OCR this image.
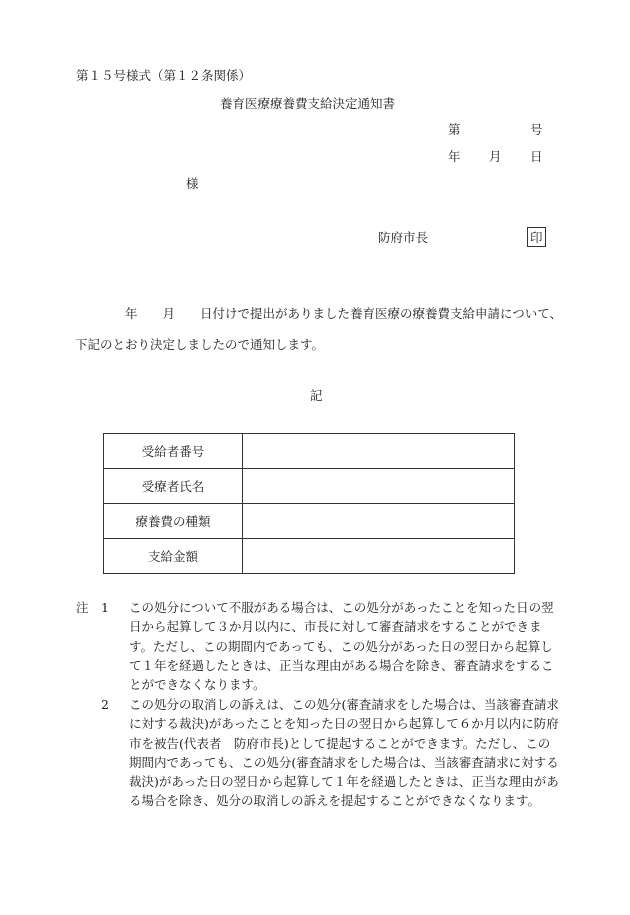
第１５号様式（第１２条関係）
養育医療療養費支給決定通知書
第	号
年 月 日
様
防府市長	印
　　　　年　　月　　日付けで提出がありました養育医療の療養費支給申請について、下記のとおり決定しましたので通知します。
記
受給者番号	
受療者氏名	
療養費の種類	
支給金額	
注 1 この処分について不服がある場合は、この処分があったことを知った日の翌日から起算して３か月以内に、市長に対して審査請求をすることができます。ただし、この期間内であっても、この処分があった日の翌日から起算して１年を経過したときは、正当な理由がある場合を除き、審査請求をすることができなくなります。
2 この処分の取消しの訴えは、この処分(審査請求をした場合は、当該審査請求に対する裁決)があったことを知った日の翌日から起算して６か月以内に防府市を被告(代表者　防府市長)として提起することができます。ただし、この期間内であっても、この処分(審査請求をした場合は、当該審査請求に対する裁決)があった日の翌日から起算して１年を経過したときは、正当な理由がある場合を除き、処分の取消しの訴えを提起することができなくなります。
